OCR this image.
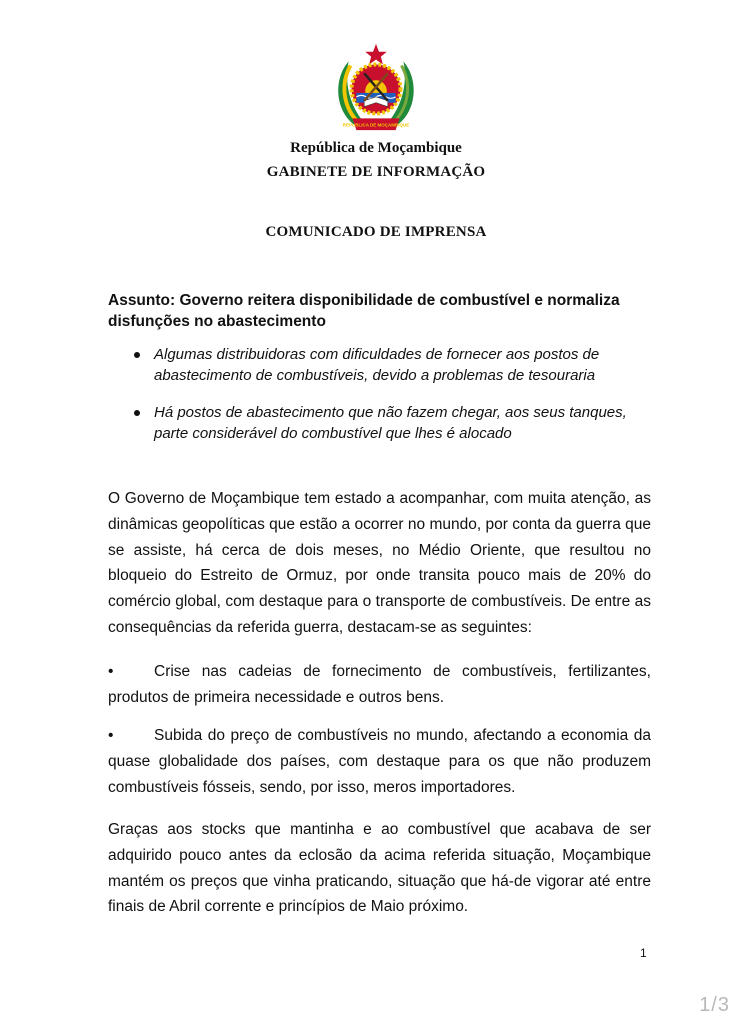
REPUBLICA DE MOÇAMBIQUE
República de Moçambique
GABINETE DE INFORMAÇÃO
COMUNICADO DE IMPRENSA
Assunto: Governo reitera disponibilidade de combustível e normaliza disfunções no abastecimento
Algumas distribuidoras com dificuldades de fornecer aos postos de abastecimento de combustíveis, devido a problemas de tesouraria
Há postos de abastecimento que não fazem chegar, aos seus tanques, parte considerável do combustível que lhes é alocado

O Governo de Moçambique tem estado a acompanhar, com muita atenção, as dinâmicas geopolíticas que estão a ocorrer no mundo, por conta da guerra que se assiste, há cerca de dois meses, no Médio Oriente, que resultou no bloqueio do Estreito de Ormuz, por onde transita pouco mais de 20% do comércio global, com destaque para o transporte de combustíveis. De entre as consequências da referida guerra, destacam-se as seguintes:

•	Crise nas cadeias de fornecimento de combustíveis, fertilizantes, produtos de primeira necessidade e outros bens.

•	Subida do preço de combustíveis no mundo, afectando a economia da quase globalidade dos países, com destaque para os que não produzem combustíveis fósseis, sendo, por isso, meros importadores.

Graças aos stocks que mantinha e ao combustível que acabava de ser adquirido pouco antes da eclosão da acima referida situação, Moçambique mantém os preços que vinha praticando, situação que há-de vigorar até entre finais de Abril corrente e princípios de Maio próximo.

1
1/3
